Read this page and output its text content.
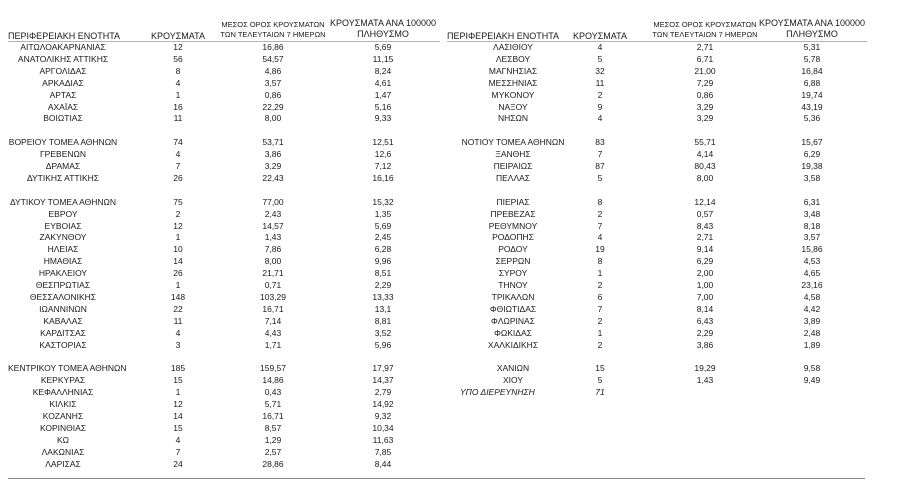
ΠΕΡΙΦΕΡΕΙΑΚΗ ΕΝΟΤΗΤΑ	ΚΡΟΥΣΜΑΤΑ
ΜΕΣΟΣ ΟΡΟΣ ΚΡΟΥΣΜΑΤΩΝ
ΤΩΝ ΤΕΛΕΥΤΑΙΩΝ 7 ΗΜΕΡΩΝ
ΚΡΟΥΣΜΑΤΑ ΑΝΑ 100000
ΠΛΗΘΥΣΜΟ	ΠΕΡΙΦΕΡΕΙΑΚΗ ΕΝΟΤΗΤΑ	ΚΡΟΥΣΜΑΤΑ
ΜΕΣΟΣ ΟΡΟΣ ΚΡΟΥΣΜΑΤΩΝ
ΤΩΝ ΤΕΛΕΥΤΑΙΩΝ 7 ΗΜΕΡΩΝ
ΚΡΟΥΣΜΑΤΑ ΑΝΑ 100000
ΠΛΗΘΥΣΜΟ
ΑΙΤΩΛΟΑΚΑΡΝΑΝΙΑΣ	12	16,86	5,69
ΑΝΑΤΟΛΙΚΗΣ ΑΤΤΙΚΗΣ	56	54,57	11,15
ΑΡΓΟΛΙΔΑΣ	8	4,86	8,24
ΑΡΚΑΔΙΑΣ	4	3,57	4,61
ΑΡΤΑΣ	1	0,86	1,47
ΑΧΑΪΑΣ	16	22,29	5,16
ΒΟΙΩΤΙΑΣ	11	8,00	9,33
ΒΟΡΕΙΟΥ ΤΟΜΕΑ ΑΘΗΝΩΝ	74	53,71	12,51
ΓΡΕΒΕΝΩΝ	4	3,86	12,6
ΔΡΑΜΑΣ	7	3,29	7,12
ΔΥΤΙΚΗΣ ΑΤΤΙΚΗΣ	26	22,43	16,16
ΔΥΤΙΚΟΥ ΤΟΜΕΑ ΑΘΗΝΩΝ	75	77,00	15,32
ΕΒΡΟΥ	2	2,43	1,35
ΕΥΒΟΙΑΣ	12	14,57	5,69
ΖΑΚΥΝΘΟΥ	1	1,43	2,45
ΗΛΕΙΑΣ	10	7,86	6,28
ΗΜΑΘΙΑΣ	14	8,00	9,96
ΗΡΑΚΛΕΙΟΥ	26	21,71	8,51
ΘΕΣΠΡΩΤΙΑΣ	1	0,71	2,29
ΘΕΣΣΑΛΟΝΙΚΗΣ	148	103,29	13,33
ΙΩΑΝΝΙΝΩΝ	22	16,71	13,1
ΚΑΒΑΛΑΣ	11	7,14	8,81
ΚΑΡΔΙΤΣΑΣ	4	4,43	3,52
ΚΑΣΤΟΡΙΑΣ	3	1,71	5,96
ΚΕΝΤΡΙΚΟΥ ΤΟΜΕΑ ΑΘΗΝΩΝ	185	159,57	17,97
ΚΕΡΚΥΡΑΣ	15	14,86	14,37
ΚΕΦΑΛΛΗΝΙΑΣ	1	0,43	2,79
ΚΙΛΚΙΣ	12	5,71	14,92
ΚΟΖΑΝΗΣ	14	16,71	9,32
ΚΟΡΙΝΘΙΑΣ	15	8,57	10,34
ΚΩ	4	1,29	11,63
ΛΑΚΩΝΙΑΣ	7	2,57	7,85
ΛΑΡΙΣΑΣ	24	28,86	8,44
ΛΑΣΙΘΙΟΥ	4	2,71	5,31
ΛΕΣΒΟΥ	5	6,71	5,78
ΜΑΓΝΗΣΙΑΣ	32	21,00	16,84
ΜΕΣΣΗΝΙΑΣ	11	7,29	6,88
ΜΥΚΟΝΟΥ	2	0,86	19,74
ΝΑΞΟΥ	9	3,29	43,19
ΝΗΣΩΝ	4	3,29	5,36
ΝΟΤΙΟΥ ΤΟΜΕΑ ΑΘΗΝΩΝ	83	55,71	15,67
ΞΑΝΘΗΣ	7	4,14	6,29
ΠΕΙΡΑΙΩΣ	87	80,43	19,38
ΠΕΛΛΑΣ	5	8,00	3,58
ΠΙΕΡΙΑΣ	8	12,14	6,31
ΠΡΕΒΕΖΑΣ	2	0,57	3,48
ΡΕΘΥΜΝΟΥ	7	8,43	8,18
ΡΟΔΟΠΗΣ	4	2,71	3,57
ΡΟΔΟΥ	19	9,14	15,86
ΣΕΡΡΩΝ	8	6,29	4,53
ΣΥΡΟΥ	1	2,00	4,65
ΤΗΝΟΥ	2	1,00	23,16
ΤΡΙΚΑΛΩΝ	6	7,00	4,58
ΦΘΙΩΤΙΔΑΣ	7	8,14	4,42
ΦΛΩΡΙΝΑΣ	2	6,43	3,89
ΦΩΚΙΔΑΣ	1	2,29	2,48
ΧΑΛΚΙΔΙΚΗΣ	2	3,86	1,89
ΧΑΝΙΩΝ	15	19,29	9,58
ΧΙΟΥ	5	1,43	9,49
ΥΠΟ ΔΙΕΡΕΥΝΗΣΗ	71
